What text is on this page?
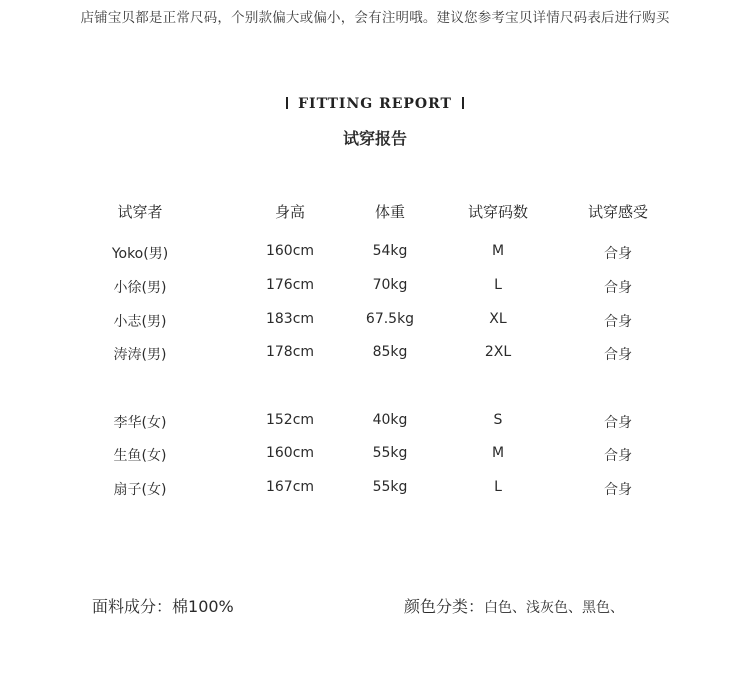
店铺宝贝都是正常尺码，个别款偏大或偏小，会有注明哦。建议您参考宝贝详情尺码表后进行购买
FITTING REPORT
试穿报告
试穿者	身高	体重	试穿码数	试穿感受
Yoko(男)	160cm	54kg	M	合身
小徐(男)	176cm	70kg	L	合身
小志(男)	183cm	67.5kg	XL	合身
涛涛(男)	178cm	85kg	2XL	合身
李华(女)	152cm	40kg	S	合身
生鱼(女)	160cm	55kg	M	合身
扇子(女)	167cm	55kg	L	合身
面料成分：棉100%	颜色分类：白色、浅灰色、黑色、
